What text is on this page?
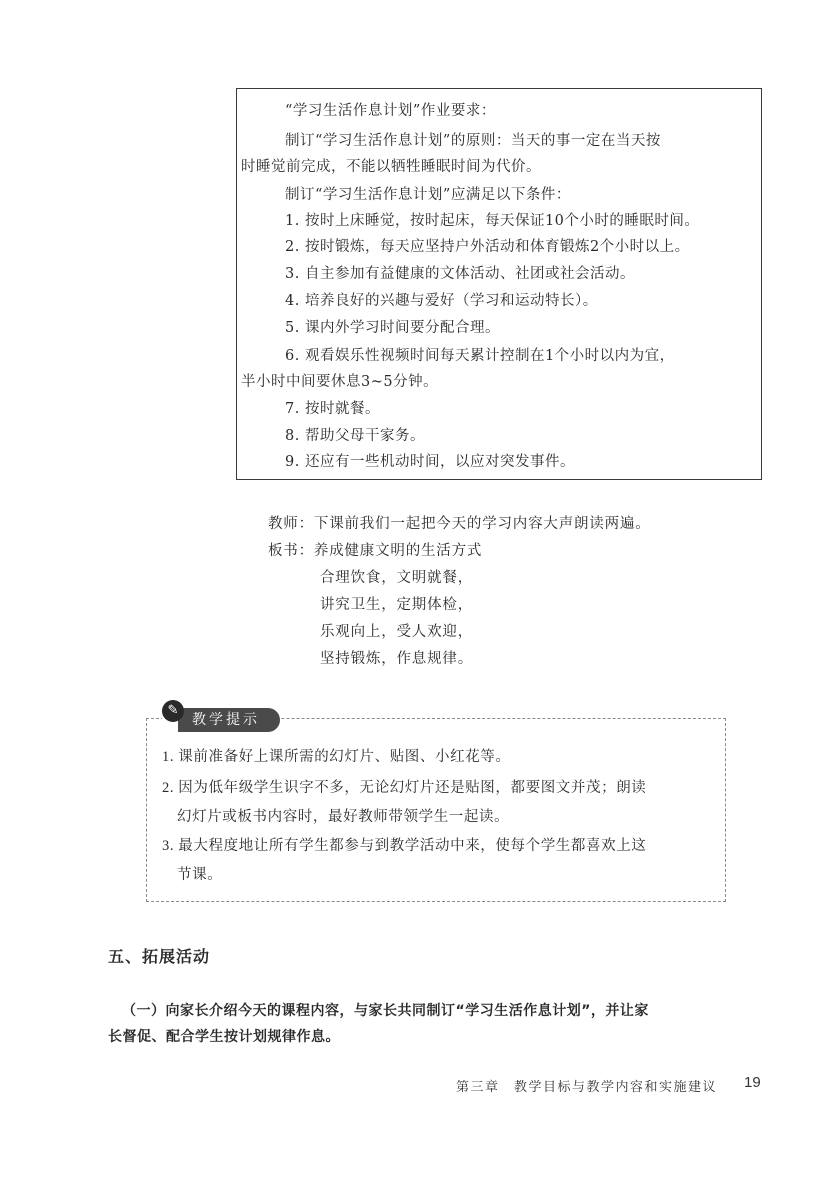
“学习生活作息计划”作业要求：
制订“学习生活作息计划”的原则：当天的事一定在当天按
时睡觉前完成，不能以牺牲睡眠时间为代价。
制订“学习生活作息计划”应满足以下条件：
1. 按时上床睡觉，按时起床，每天保证10个小时的睡眠时间。
2. 按时锻炼，每天应坚持户外活动和体育锻炼2个小时以上。
3. 自主参加有益健康的文体活动、社团或社会活动。
4. 培养良好的兴趣与爱好（学习和运动特长）。
5. 课内外学习时间要分配合理。
6. 观看娱乐性视频时间每天累计控制在1个小时以内为宜，
半小时中间要休息3~5分钟。
7. 按时就餐。
8. 帮助父母干家务。
9. 还应有一些机动时间，以应对突发事件。
教师：下课前我们一起把今天的学习内容大声朗读两遍。
板书：养成健康文明的生活方式
合理饮食，文明就餐，
讲究卫生，定期体检，
乐观向上，受人欢迎，
坚持锻炼，作息规律。
教学提示
✎
1. 课前准备好上课所需的幻灯片、贴图、小红花等。
2. 因为低年级学生识字不多，无论幻灯片还是贴图，都要图文并茂；朗读
幻灯片或板书内容时，最好教师带领学生一起读。
3. 最大程度地让所有学生都参与到教学活动中来，使每个学生都喜欢上这
节课。
五、拓展活动
（一）向家长介绍今天的课程内容，与家长共同制订“学习生活作息计划”，并让家
长督促、配合学生按计划规律作息。
第三章　教学目标与教学内容和实施建议 19
